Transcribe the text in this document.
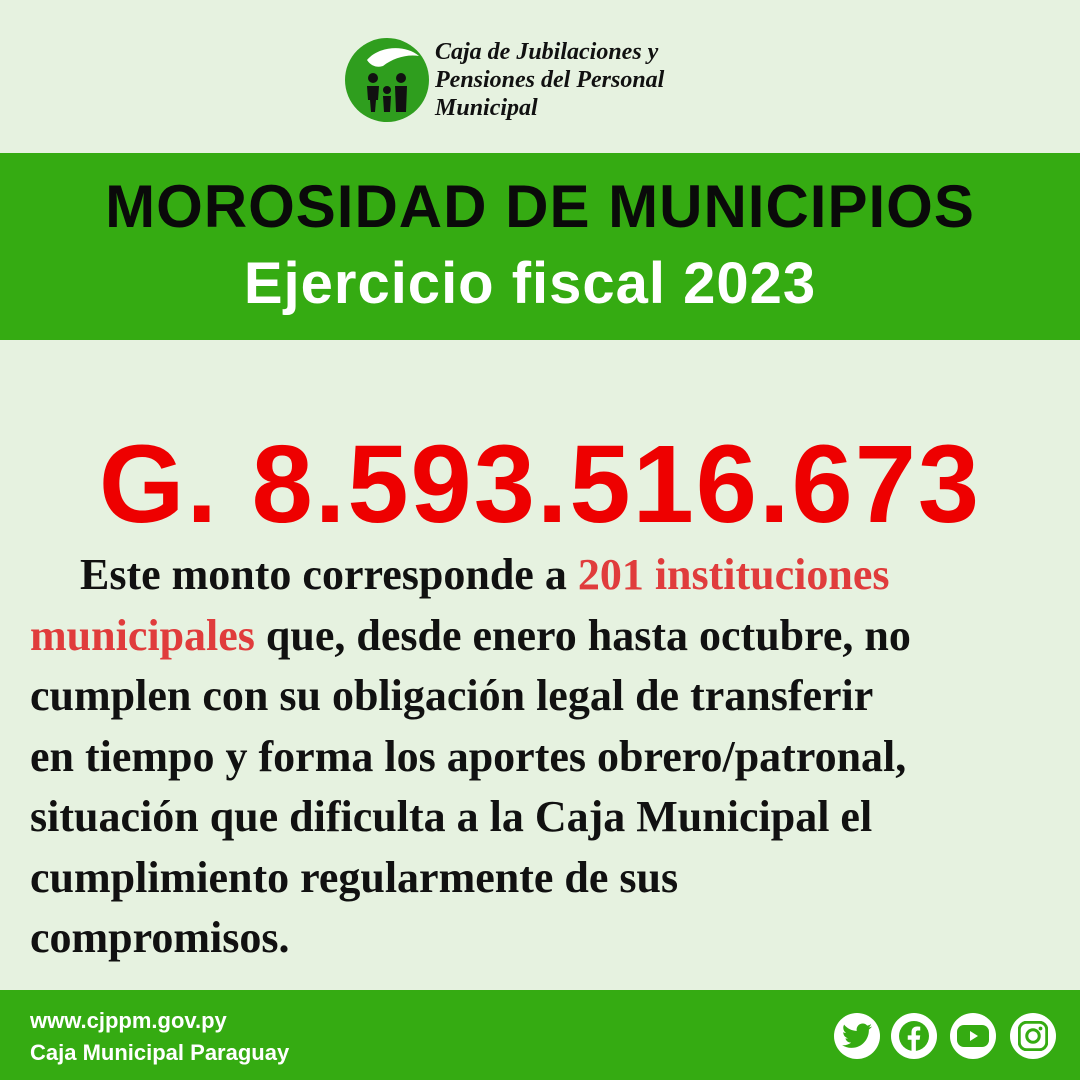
Caja de Jubilaciones y
Pensiones del Personal
Municipal
MOROSIDAD DE MUNICIPIOS
Ejercicio fiscal 2023
G. 8.593.516.673
Este monto corresponde a 201 instituciones
municipales que, desde enero hasta octubre, no
cumplen con su obligación legal de transferir
en tiempo y forma los aportes obrero/patronal,
situación que dificulta a la Caja Municipal el
cumplimiento regularmente de sus
compromisos.
www.cjppm.gov.py
Caja Municipal Paraguay
